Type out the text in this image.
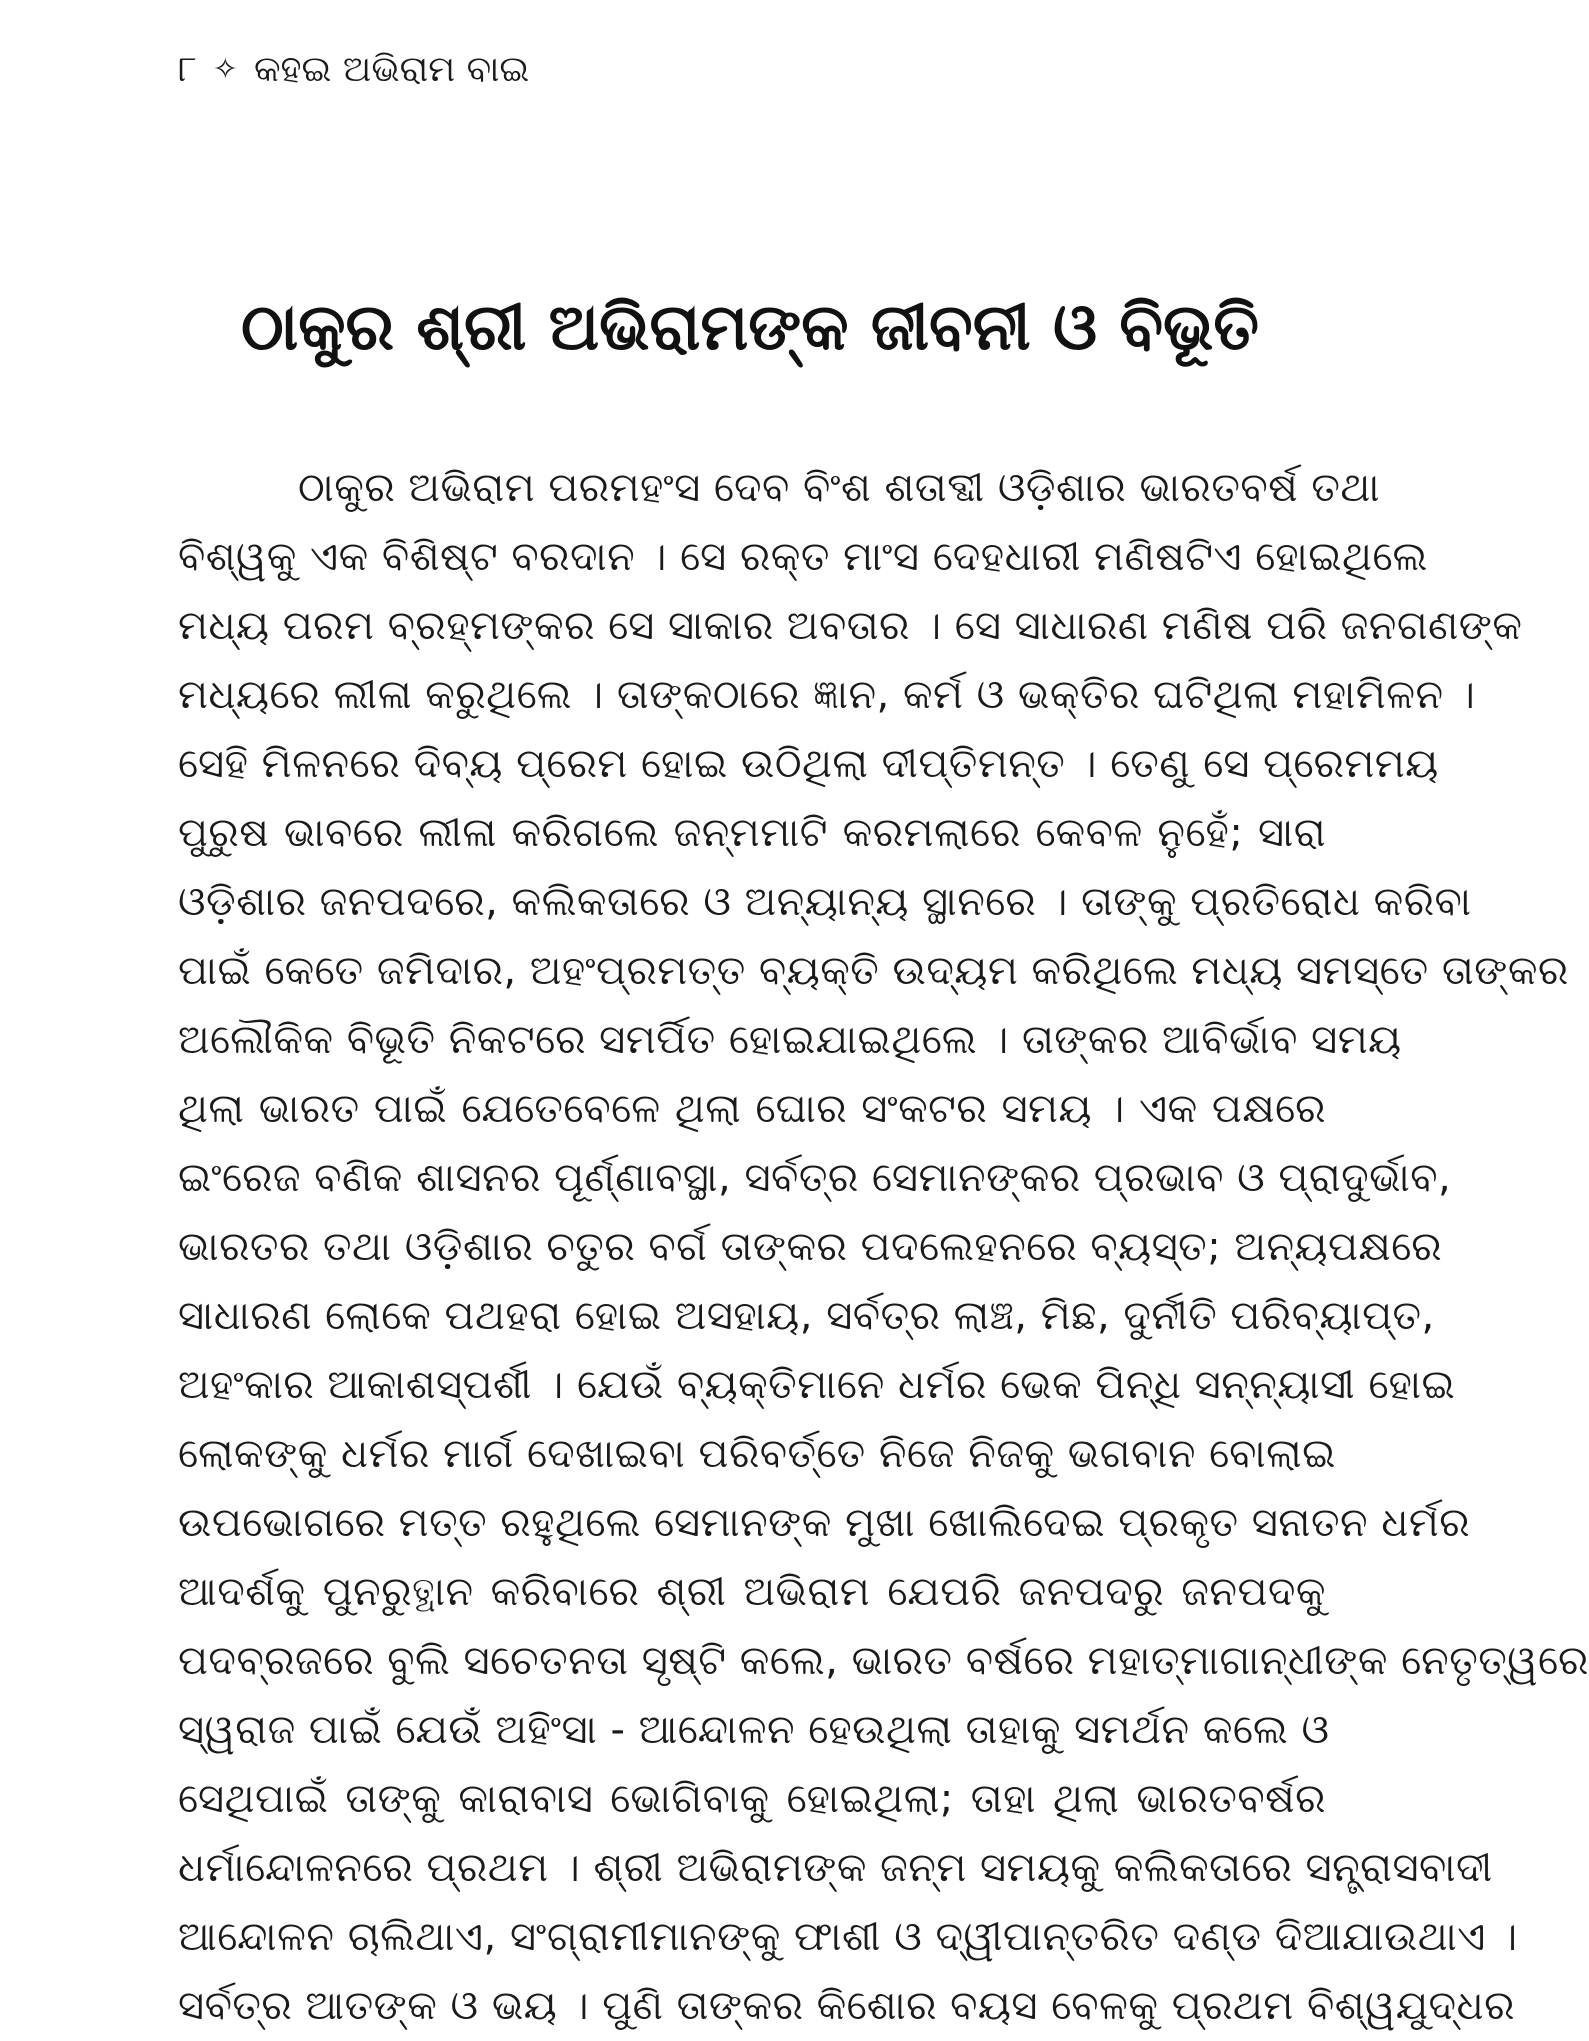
୮ ✧ କହଇ ଅଭିରାମ ବାଇ
ଠାକୁର ଶ୍ରୀ ଅଭିରାମଙ୍କ ଜୀବନୀ ଓ ବିଭୂତି
ଠାକୁର ଅଭିରାମ ପରମହଂସ ଦେବ ବିଂଶ ଶତାବ୍ଦୀ ଓଡ଼ିଶାର ଭାରତବର୍ଷ ତଥା
ବିଶ୍ୱକୁ ଏକ ବିଶିଷ୍ଟ ବରଦାନ । ସେ ରକ୍ତ ମାଂସ ଦେହଧାରୀ ମଣିଷଟିଏ ହୋଇଥିଲେ
ମଧ୍ୟ ପରମ ବ୍ରହ୍ମଙ୍କର ସେ ସାକାର ଅବତାର । ସେ ସାଧାରଣ ମଣିଷ ପରି ଜନଗଣଙ୍କ
ମଧ୍ୟରେ ଲୀଳା କରୁଥିଲେ । ତାଙ୍କଠାରେ ଜ୍ଞାନ, କର୍ମ ଓ ଭକ୍ତିର ଘଟିଥିଲା ମହାମିଳନ ।
ସେହି ମିଳନରେ ଦିବ୍ୟ ପ୍ରେମ ହୋଇ ଉଠିଥିଲା ଦୀପ୍ତିମନ୍ତ । ତେଣୁ ସେ ପ୍ରେମମୟ
ପୁରୁଷ ଭାବରେ ଲୀଳା କରିଗଲେ ଜନ୍ମମାଟି କରମଲାରେ କେବଳ ନୁହେଁ; ସାରା
ଓଡ଼ିଶାର ଜନପଦରେ, କଲିକତାରେ ଓ ଅନ୍ୟାନ୍ୟ ସ୍ଥାନରେ । ତାଙ୍କୁ ପ୍ରତିରୋଧ କରିବା
ପାଇଁ କେତେ ଜମିଦାର, ଅହଂପ୍ରମତ୍ତ ବ୍ୟକ୍ତି ଉଦ୍ୟମ କରିଥିଲେ ମଧ୍ୟ ସମସ୍ତେ ତାଙ୍କର
ଅଲୌକିକ ବିଭୂତି ନିକଟରେ ସମର୍ପିତ ହୋଇଯାଇଥିଲେ । ତାଙ୍କର ଆବିର୍ଭାବ ସମୟ
ଥିଲା ଭାରତ ପାଇଁ ଯେତେବେଳେ ଥିଲା ଘୋର ସଂକଟର ସମୟ । ଏକ ପକ୍ଷରେ
ଇଂରେଜ ବଣିକ ଶାସନର ପୂର୍ଣ୍ଣାବସ୍ଥା, ସର୍ବତ୍ର ସେମାନଙ୍କର ପ୍ରଭାବ ଓ ପ୍ରାଦୁର୍ଭାବ,
ଭାରତର ତଥା ଓଡ଼ିଶାର ଚତୁର ବର୍ଗ ତାଙ୍କର ପଦଲେହନରେ ବ୍ୟସ୍ତ; ଅନ୍ୟପକ୍ଷରେ
ସାଧାରଣ ଲୋକେ ପଥହରା ହୋଇ ଅସହାୟ, ସର୍ବତ୍ର ଲାଞ୍ଚ, ମିଛ, ଦୁର୍ନୀତି ପରିବ୍ୟାପ୍ତ,
ଅହଂକାର ଆକାଶସ୍ପର୍ଶୀ । ଯେଉଁ ବ୍ୟକ୍ତିମାନେ ଧର୍ମର ଭେକ ପିନ୍ଧି ସନ୍ନ୍ୟାସୀ ହୋଇ
ଲୋକଙ୍କୁ ଧର୍ମର ମାର୍ଗ ଦେଖାଇବା ପରିବର୍ତ୍ତେ ନିଜେ ନିଜକୁ ଭଗବାନ ବୋଲାଇ
ଉପଭୋଗରେ ମତ୍ତ ରହୁଥିଲେ ସେମାନଙ୍କ ମୁଖା ଖୋଲିଦେଇ ପ୍ରକୃତ ସନାତନ ଧର୍ମର
ଆଦର୍ଶକୁ ପୁନରୁତ୍ଥାନ କରିବାରେ ଶ୍ରୀ ଅଭିରାମ ଯେପରି ଜନପଦରୁ ଜନପଦକୁ
ପଦବ୍ରଜରେ ବୁଲି ସଚେତନତା ସୃଷ୍ଟି କଲେ, ଭାରତ ବର୍ଷରେ ମହାତ୍ମାଗାନ୍ଧୀଙ୍କ ନେତୃତ୍ୱରେ
ସ୍ୱରାଜ ପାଇଁ ଯେଉଁ ଅହିଂସା - ଆନ୍ଦୋଳନ ହେଉଥିଲା ତାହାକୁ ସମର୍ଥନ କଲେ ଓ
ସେଥିପାଇଁ ତାଙ୍କୁ କାରାବାସ ଭୋଗିବାକୁ ହୋଇଥିଲା; ତାହା ଥିଲା ଭାରତବର୍ଷର
ଧର୍ମାନ୍ଦୋଳନରେ ପ୍ରଥମ । ଶ୍ରୀ ଅଭିରାମଙ୍କ ଜନ୍ମ ସମୟକୁ କଲିକତାରେ ସନ୍ତ୍ରାସବାଦୀ
ଆନ୍ଦୋଳନ ଚାଲିଥାଏ, ସଂଗ୍ରାମୀମାନଙ୍କୁ ଫାଶୀ ଓ ଦ୍ୱୀପାନ୍ତରିତ ଦଣ୍ଡ ଦିଆଯାଉଥାଏ ।
ସର୍ବତ୍ର ଆତଙ୍କ ଓ ଭୟ । ପୁଣି ତାଙ୍କର କିଶୋର ବୟସ ବେଳକୁ ପ୍ରଥମ ବିଶ୍ୱଯୁଦ୍ଧର
